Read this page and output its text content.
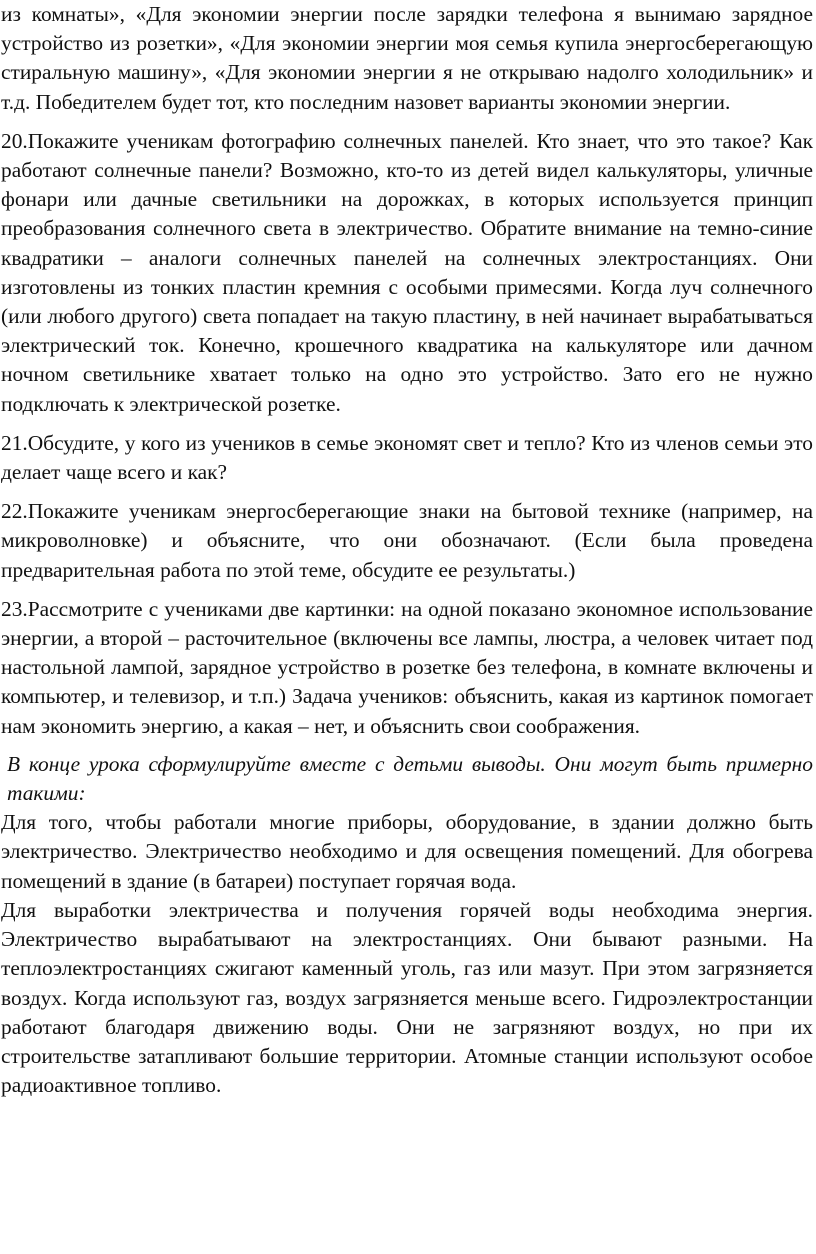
из комнаты», «Для экономии энергии после зарядки телефона я вынимаю зарядное устройство из розетки», «Для экономии энергии моя семья купила энергосберегающую стиральную машину», «Для экономии энергии я не открываю надолго холодильник» и т.д. Победителем будет тот, кто последним назовет варианты экономии энергии.

20.Покажите ученикам фотографию солнечных панелей. Кто знает, что это такое? Как работают солнечные панели? Возможно, кто-то из детей видел калькуляторы, уличные фонари или дачные светильники на дорожках, в которых используется принцип преобразования солнечного света в электричество. Обратите внимание на темно-синие квадратики – аналоги солнечных панелей на солнечных электростанциях. Они изготовлены из тонких пластин кремния с особыми примесями. Когда луч солнечного (или любого другого) света попадает на такую пластину, в ней начинает вырабатываться электрический ток. Конечно, крошечного квадратика на калькуляторе или дачном ночном светильнике хватает только на одно это устройство. Зато его не нужно подключать к электрической розетке.

21.Обсудите, у кого из учеников в семье экономят свет и тепло? Кто из членов семьи это делает чаще всего и как?

22.Покажите ученикам энергосберегающие знаки на бытовой технике (например, на микроволновке) и объясните, что они обозначают. (Если была проведена предварительная работа по этой теме, обсудите ее результаты.)

23.Рассмотрите с учениками две картинки: на одной показано экономное использование энергии, а второй – расточительное (включены все лампы, люстра, а человек читает под настольной лампой, зарядное устройство в розетке без телефона, в комнате включены и компьютер, и телевизор, и т.п.) Задача учеников: объяснить, какая из картинок помогает нам экономить энергию, а какая – нет, и объяснить свои соображения.

В конце урока сформулируйте вместе с детьми выводы. Они могут быть примерно такими:

Для того, чтобы работали многие приборы, оборудование, в здании должно быть электричество. Электричество необходимо и для освещения помещений. Для обогрева помещений в здание (в батареи) поступает горячая вода.

Для выработки электричества и получения горячей воды необходима энергия. Электричество вырабатывают на электростанциях. Они бывают разными. На теплоэлектростанциях сжигают каменный уголь, газ или мазут. При этом загрязняется воздух. Когда используют газ, воздух загрязняется меньше всего. Гидроэлектростанции работают благодаря движению воды. Они не загрязняют воздух, но при их строительстве затапливают большие территории. Атомные станции используют особое радиоактивное топливо.
